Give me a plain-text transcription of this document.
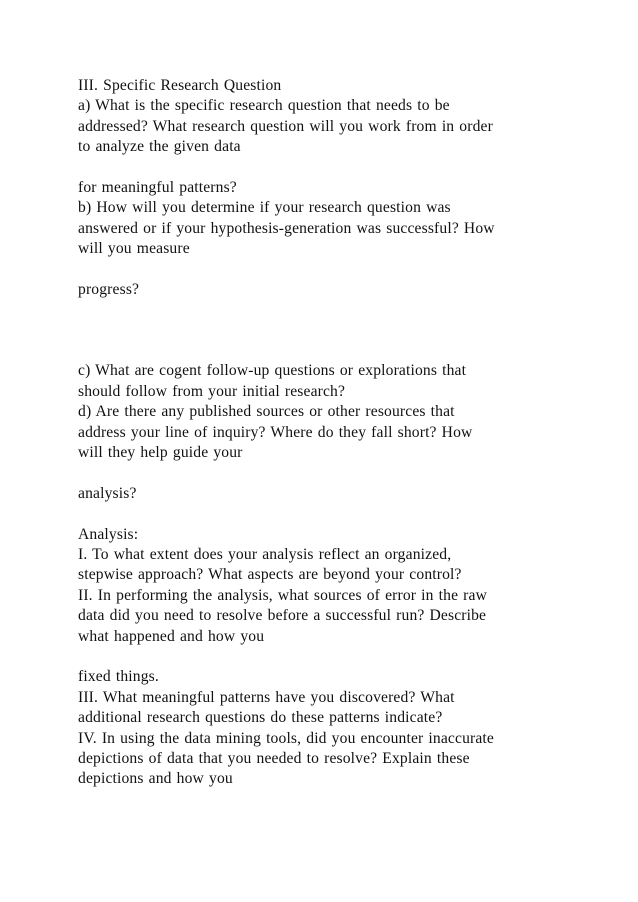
III. Specific Research Question
a) What is the specific research question that needs to be
addressed? What research question will you work from in order
to analyze the given data
for meaningful patterns?
b) How will you determine if your research question was
answered or if your hypothesis-generation was successful? How
will you measure
progress?
c) What are cogent follow-up questions or explorations that
should follow from your initial research?
d) Are there any published sources or other resources that
address your line of inquiry? Where do they fall short? How
will they help guide your
analysis?
Analysis:
I. To what extent does your analysis reflect an organized,
stepwise approach? What aspects are beyond your control?
II. In performing the analysis, what sources of error in the raw
data did you need to resolve before a successful run? Describe
what happened and how you
fixed things.
III. What meaningful patterns have you discovered? What
additional research questions do these patterns indicate?
IV. In using the data mining tools, did you encounter inaccurate
depictions of data that you needed to resolve? Explain these
depictions and how you
